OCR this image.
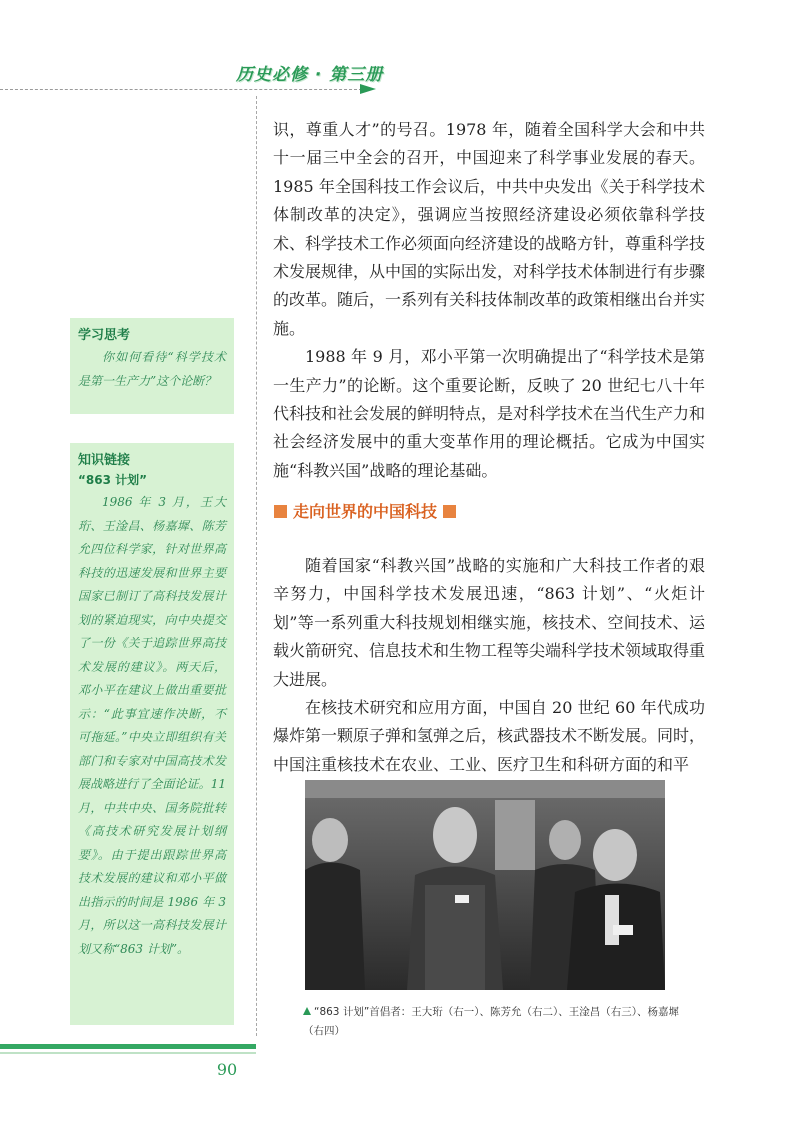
历史必修 · 第三册

识，尊重人才”的号召。1978 年，随着全国科学大会和中共十一届三中全会的召开，中国迎来了科学事业发展的春天。1985 年全国科技工作会议后，中共中央发出《关于科学技术体制改革的决定》，强调应当按照经济建设必须依靠科学技术、科学技术工作必须面向经济建设的战略方针，尊重科学技术发展规律，从中国的实际出发，对科学技术体制进行有步骤的改革。随后，一系列有关科技体制改革的政策相继出台并实施。

1988 年 9 月，邓小平第一次明确提出了“科学技术是第一生产力”的论断。这个重要论断，反映了 20 世纪七八十年代科技和社会发展的鲜明特点，是对科学技术在当代生产力和社会经济发展中的重大变革作用的理论概括。它成为中国实施“科教兴国”战略的理论基础。

走向世界的中国科技

随着国家“科教兴国”战略的实施和广大科技工作者的艰辛努力，中国科学技术发展迅速，“863 计划”、“火炬计划”等一系列重大科技规划相继实施，核技术、空间技术、运载火箭研究、信息技术和生物工程等尖端科学技术领域取得重大进展。

在核技术研究和应用方面，中国自 20 世纪 60 年代成功爆炸第一颗原子弹和氢弹之后，核武器技术不断发展。同时，中国注重核技术在农业、工业、医疗卫生和科研方面的和平

学习思考

你如何看待“科学技术是第一生产力”这个论断？

知识链接
“863 计划”

1986 年 3 月，王大珩、王淦昌、杨嘉墀、陈芳允四位科学家，针对世界高科技的迅速发展和世界主要国家已制订了高科技发展计划的紧迫现实，向中央提交了一份《关于追踪世界高技术发展的建议》。两天后，邓小平在建议上做出重要批示：“此事宜速作决断，不可拖延。”中央立即组织有关部门和专家对中国高技术发展战略进行了全面论证。11 月，中共中央、国务院批转《高技术研究发展计划纲要》。由于提出跟踪世界高技术发展的建议和邓小平做出指示的时间是 1986 年 3 月，所以这一高科技发展计划又称“863 计划”。

“863 计划”首倡者：王大珩（右一）、陈芳允（右二）、王淦昌（右三）、杨嘉墀（右四）
90
